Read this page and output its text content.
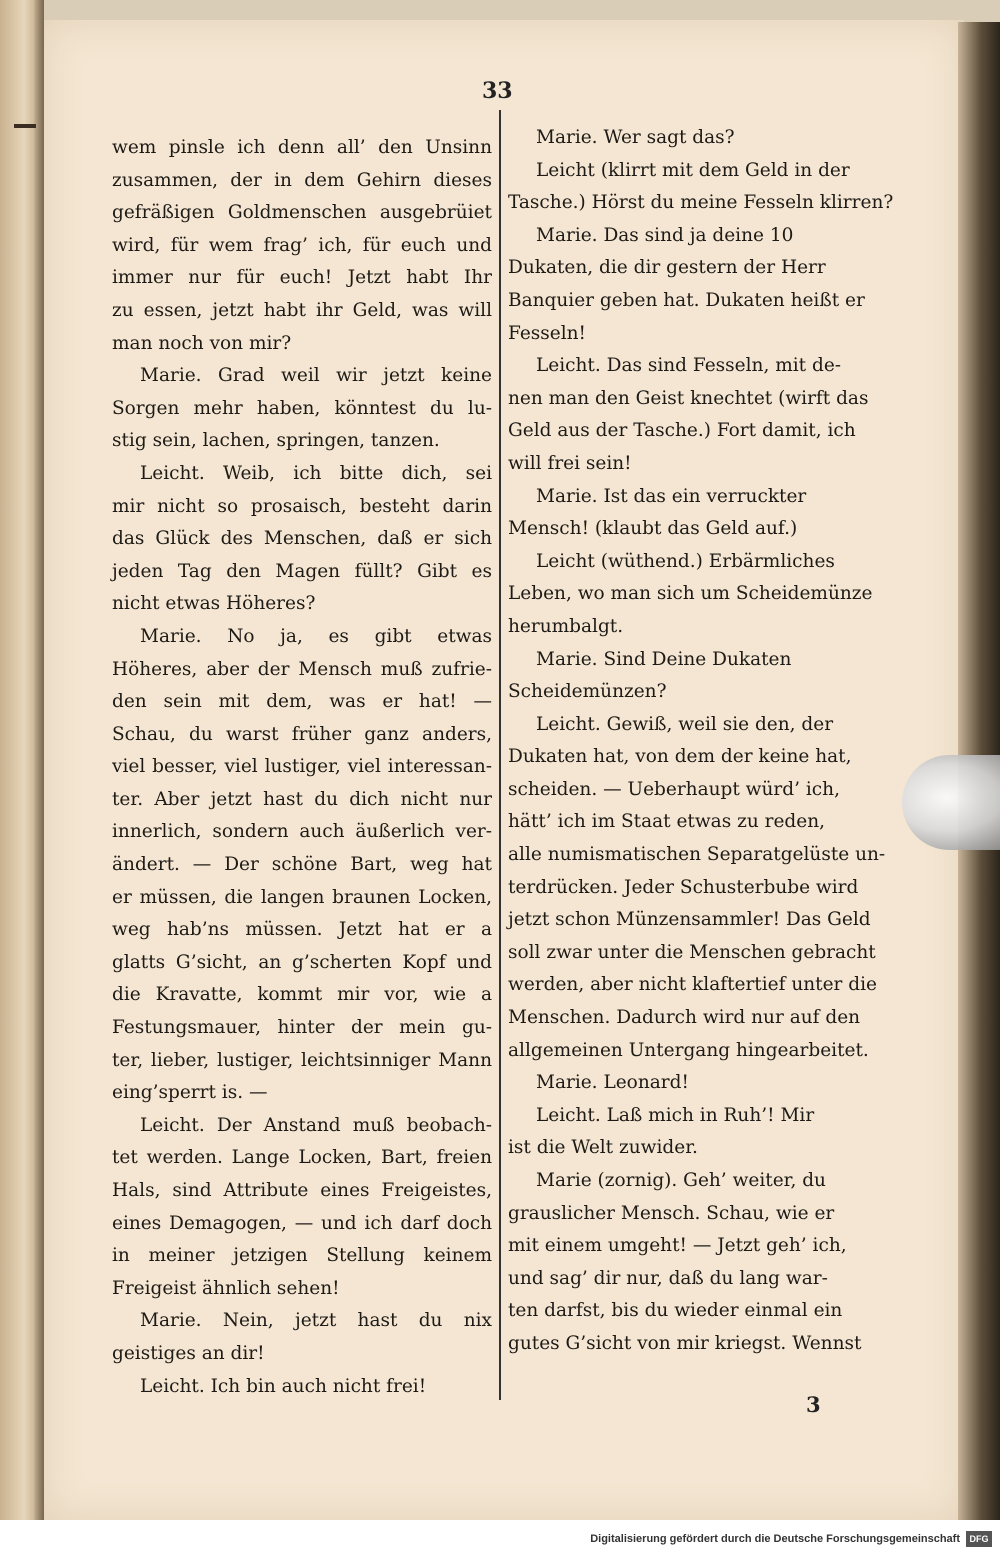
33
wem pinsle ich denn all’ den Unsinn
zusammen, der in dem Gehirn dieses
gefräßigen Goldmenschen ausgebrüiet
wird, für wem frag’ ich, für euch und
immer nur für euch! Jetzt habt Ihr
zu essen, jetzt habt ihr Geld, was will
man noch von mir?
Marie. Grad weil wir jetzt keine
Sorgen mehr haben, könntest du lu-
stig sein, lachen, springen, tanzen.
Leicht. Weib, ich bitte dich, sei
mir nicht so prosaisch, besteht darin
das Glück des Menschen, daß er sich
jeden Tag den Magen füllt? Gibt es
nicht etwas Höheres?
Marie. No ja, es gibt etwas
Höheres, aber der Mensch muß zufrie-
den sein mit dem, was er hat! —
Schau, du warst früher ganz anders,
viel besser, viel lustiger, viel interessan-
ter. Aber jetzt hast du dich nicht nur
innerlich, sondern auch äußerlich ver-
ändert. — Der schöne Bart, weg hat
er müssen, die langen braunen Locken,
weg hab’ns müssen. Jetzt hat er a
glatts G’sicht, an g’scherten Kopf und
die Kravatte, kommt mir vor, wie a
Festungsmauer, hinter der mein gu-
ter, lieber, lustiger, leichtsinniger Mann
eing’sperrt is. —
Leicht. Der Anstand muß beobach-
tet werden. Lange Locken, Bart, freien
Hals, sind Attribute eines Freigeistes,
eines Demagogen, — und ich darf doch
in meiner jetzigen Stellung keinem
Freigeist ähnlich sehen!
Marie. Nein, jetzt hast du nix
geistiges an dir!
Leicht. Ich bin auch nicht frei!
Marie. Wer sagt das?
Leicht (klirrt mit dem Geld in der
Tasche.) Hörst du meine Fesseln klirren?
Marie. Das sind ja deine 10
Dukaten, die dir gestern der Herr
Banquier geben hat. Dukaten heißt er
Fesseln!
Leicht. Das sind Fesseln, mit de-
nen man den Geist knechtet (wirft das
Geld aus der Tasche.) Fort damit, ich
will frei sein!
Marie. Ist das ein verruckter
Mensch! (klaubt das Geld auf.)
Leicht (wüthend.) Erbärmliches
Leben, wo man sich um Scheidemünze
herumbalgt.
Marie. Sind Deine Dukaten
Scheidemünzen?
Leicht. Gewiß, weil sie den, der
Dukaten hat, von dem der keine hat,
scheiden. — Ueberhaupt würd’ ich,
hätt’ ich im Staat etwas zu reden,
alle numismatischen Separatgelüste un-
terdrücken. Jeder Schusterbube wird
jetzt schon Münzensammler! Das Geld
soll zwar unter die Menschen gebracht
werden, aber nicht klaftertief unter die
Menschen. Dadurch wird nur auf den
allgemeinen Untergang hingearbeitet.
Marie. Leonard!
Leicht. Laß mich in Ruh’! Mir
ist die Welt zuwider.
Marie (zornig). Geh’ weiter, du
grauslicher Mensch. Schau, wie er
mit einem umgeht! — Jetzt geh’ ich,
und sag’ dir nur, daß du lang war-
ten darfst, bis du wieder einmal ein
gutes G’sicht von mir kriegst. Wennst
3
Digitalisierung gefördert durch die Deutsche Forschungsgemeinschaft	DFG
